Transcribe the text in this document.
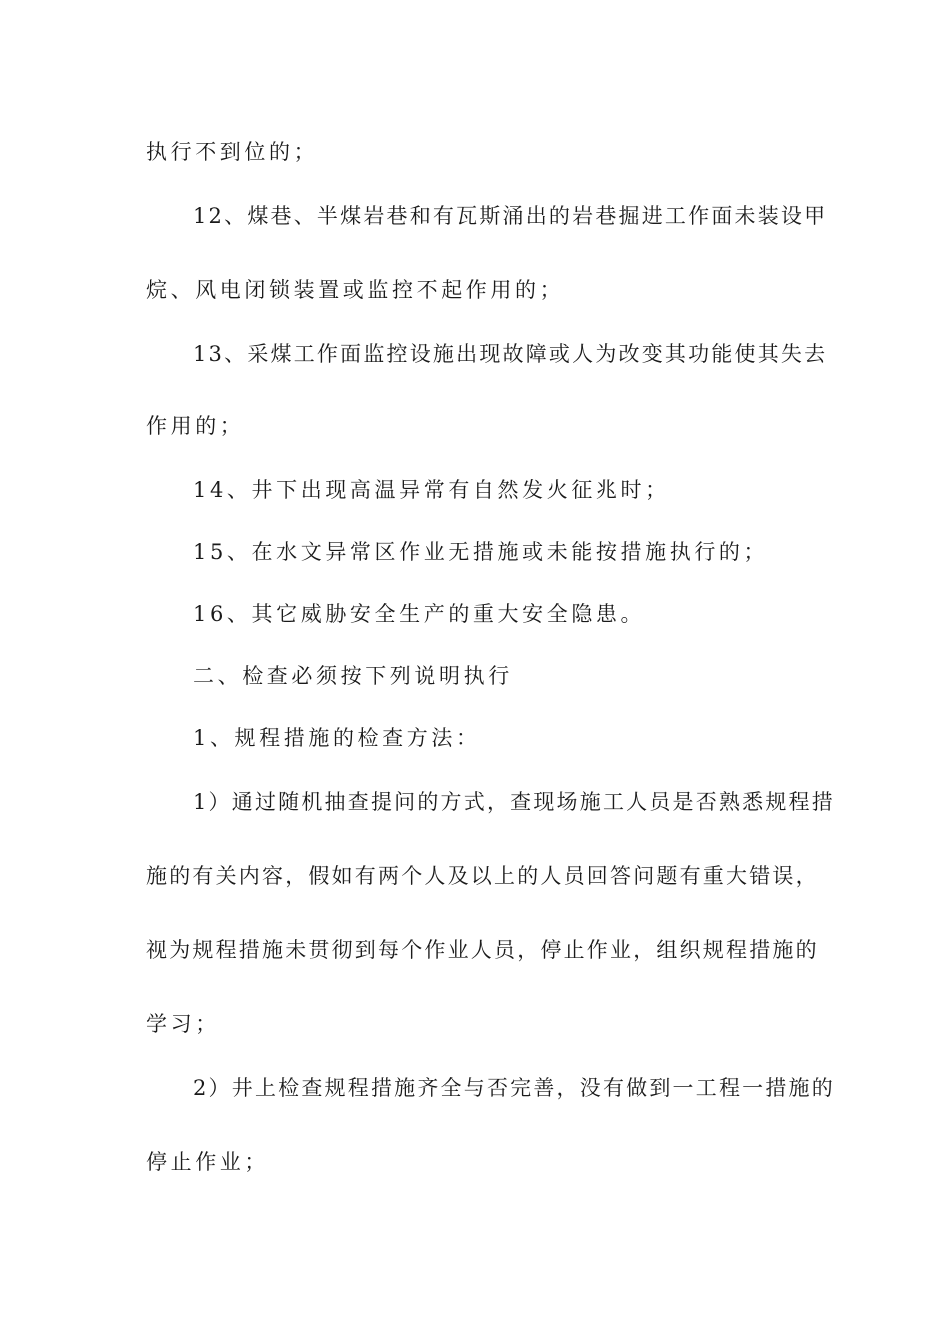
执行不到位的；
12、煤巷、半煤岩巷和有瓦斯涌出的岩巷掘进工作面未装设甲
烷、风电闭锁装置或监控不起作用的；
13、采煤工作面监控设施出现故障或人为改变其功能使其失去
作用的；
14、井下出现高温异常有自然发火征兆时；
15、在水文异常区作业无措施或未能按措施执行的；
16、其它威胁安全生产的重大安全隐患。
二、检查必须按下列说明执行
1、规程措施的检查方法：
1）通过随机抽查提问的方式，查现场施工人员是否熟悉规程措
施的有关内容，假如有两个人及以上的人员回答问题有重大错误，
视为规程措施未贯彻到每个作业人员，停止作业，组织规程措施的
学习；
2）井上检查规程措施齐全与否完善，没有做到一工程一措施的
停止作业；
